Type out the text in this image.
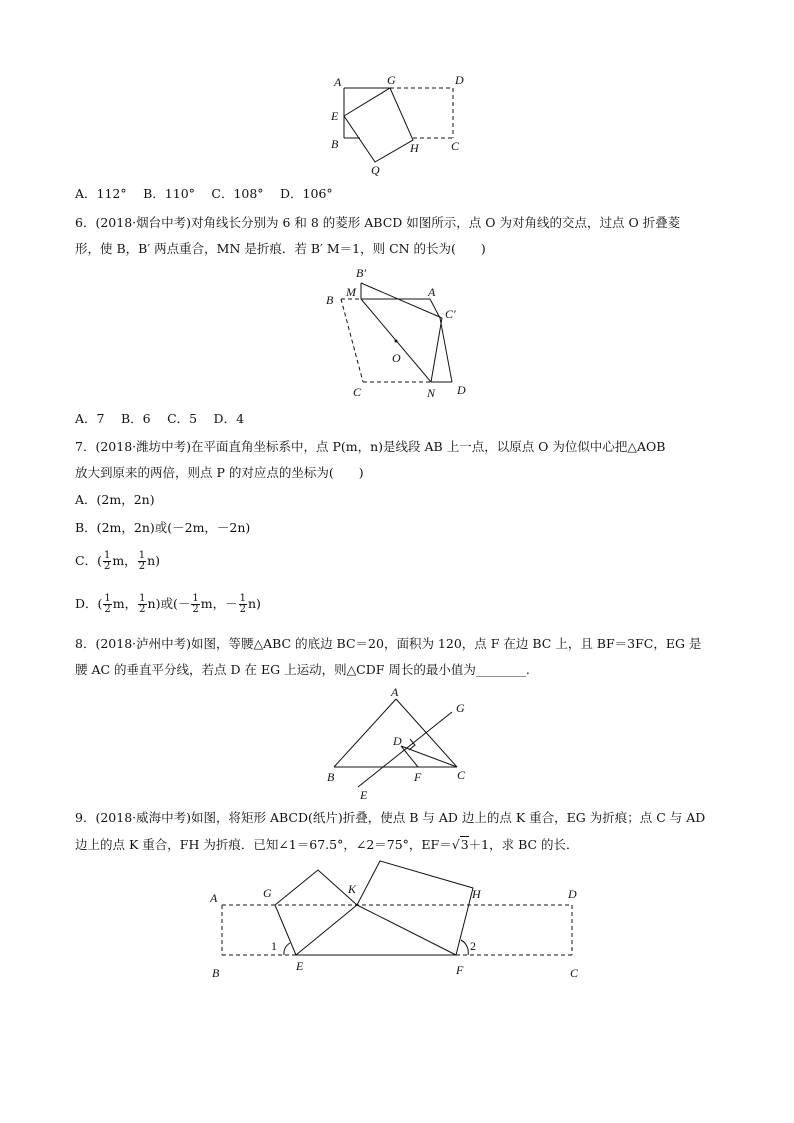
A	G	D
E
B	H	C
Q
B′
M	A
B
C′
O
C	N D
A
G
D
B	F	C
E
A	G	K	H	D
1	2
B	E	F	C
A．112°　 B．110°　 C．108°　 D．106°
6．(2018·烟台中考)对角线长分别为 6 和 8 的菱形 ABCD 如图所示，点 O 为对角线的交点，过点 O 折叠菱
形，使 B，B′ 两点重合，MN 是折痕．若 B′ M＝1，则 CN 的长为(　　)
A．7　 B．6　 C．5　 D．4
7．(2018·潍坊中考)在平面直角坐标系中，点 P(m，n)是线段 AB 上一点，以原点 O 为位似中心把△AOB
放大到原来的两倍，则点 P 的对应点的坐标为(　　)
A．(2m，2n)
B．(2m，2n)或(－2m，－2n)
C．( $\frac{1}{2}$ m， $\frac{1}{2} n$)
D．( $\frac{1}{2}$ m， $\frac{1}{2} n$)或(－ $\frac{1}{2}$ m，－ $\frac{1}{2} n$)
8．(2018·泸州中考)如图，等腰△ABC 的底边 BC＝20，面积为 120，点 F 在边 BC 上，且 BF＝3FC，EG 是
腰 AC 的垂直平分线，若点 D 在 EG 上运动，则△CDF 周长的最小值为________.
9．(2018·威海中考)如图，将矩形 ABCD(纸片)折叠，使点 B 与 AD 边上的点 K 重合，EG 为折痕；点 C 与 AD
边上的点 K 重合，FH 为折痕．已知∠1＝67.5°，∠2＝75°，EF＝√3＋1，求 BC 的长．
